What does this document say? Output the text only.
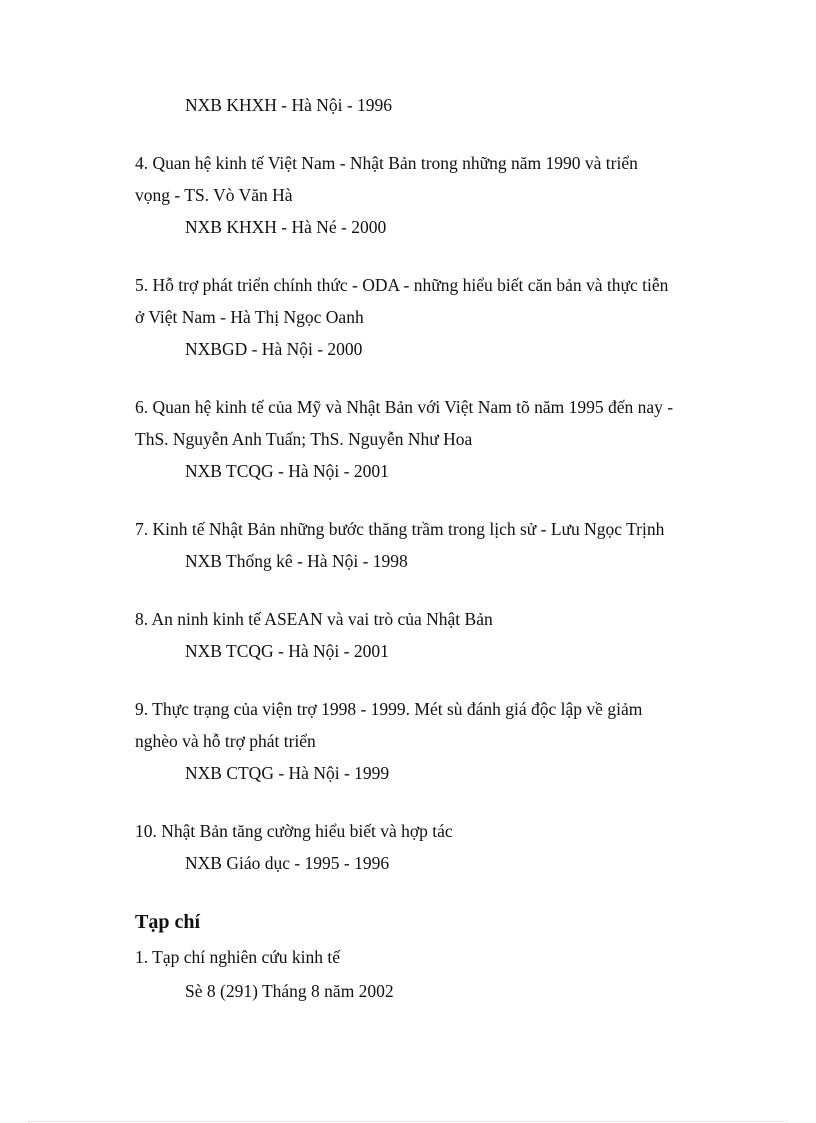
NXB KHXH - Hà Nội - 1996
4. Quan hệ kinh tế Việt Nam - Nhật Bản trong những năm 1990 và triển
vọng - TS. Vò Văn Hà
NXB KHXH - Hà Né - 2000
5. Hỗ trợ phát triển chính thức - ODA - những hiểu biết căn bản và thực tiễn
ở Việt Nam - Hà Thị Ngọc Oanh
NXBGD - Hà Nội - 2000
6. Quan hệ kinh tế của Mỹ và Nhật Bản với Việt Nam tõ năm 1995 đến nay -
ThS. Nguyễn Anh Tuấn; ThS. Nguyễn Như Hoa
NXB TCQG - Hà Nội - 2001
7. Kinh tế Nhật Bản những bước thăng trầm trong lịch sử - Lưu Ngọc Trịnh
NXB Thống kê - Hà Nội - 1998
8. An ninh kinh tế ASEAN và vai trò của Nhật Bản
NXB TCQG - Hà Nội - 2001
9. Thực trạng của viện trợ 1998 - 1999. Mét sù đánh giá độc lập về giảm
nghèo và hỗ trợ phát triển
NXB CTQG - Hà Nội - 1999
10. Nhật Bản tăng cường hiểu biết và hợp tác
NXB Giáo dục - 1995 - 1996
Tạp chí
1. Tạp chí nghiên cứu kinh tế
Sè 8 (291) Tháng 8 năm 2002
